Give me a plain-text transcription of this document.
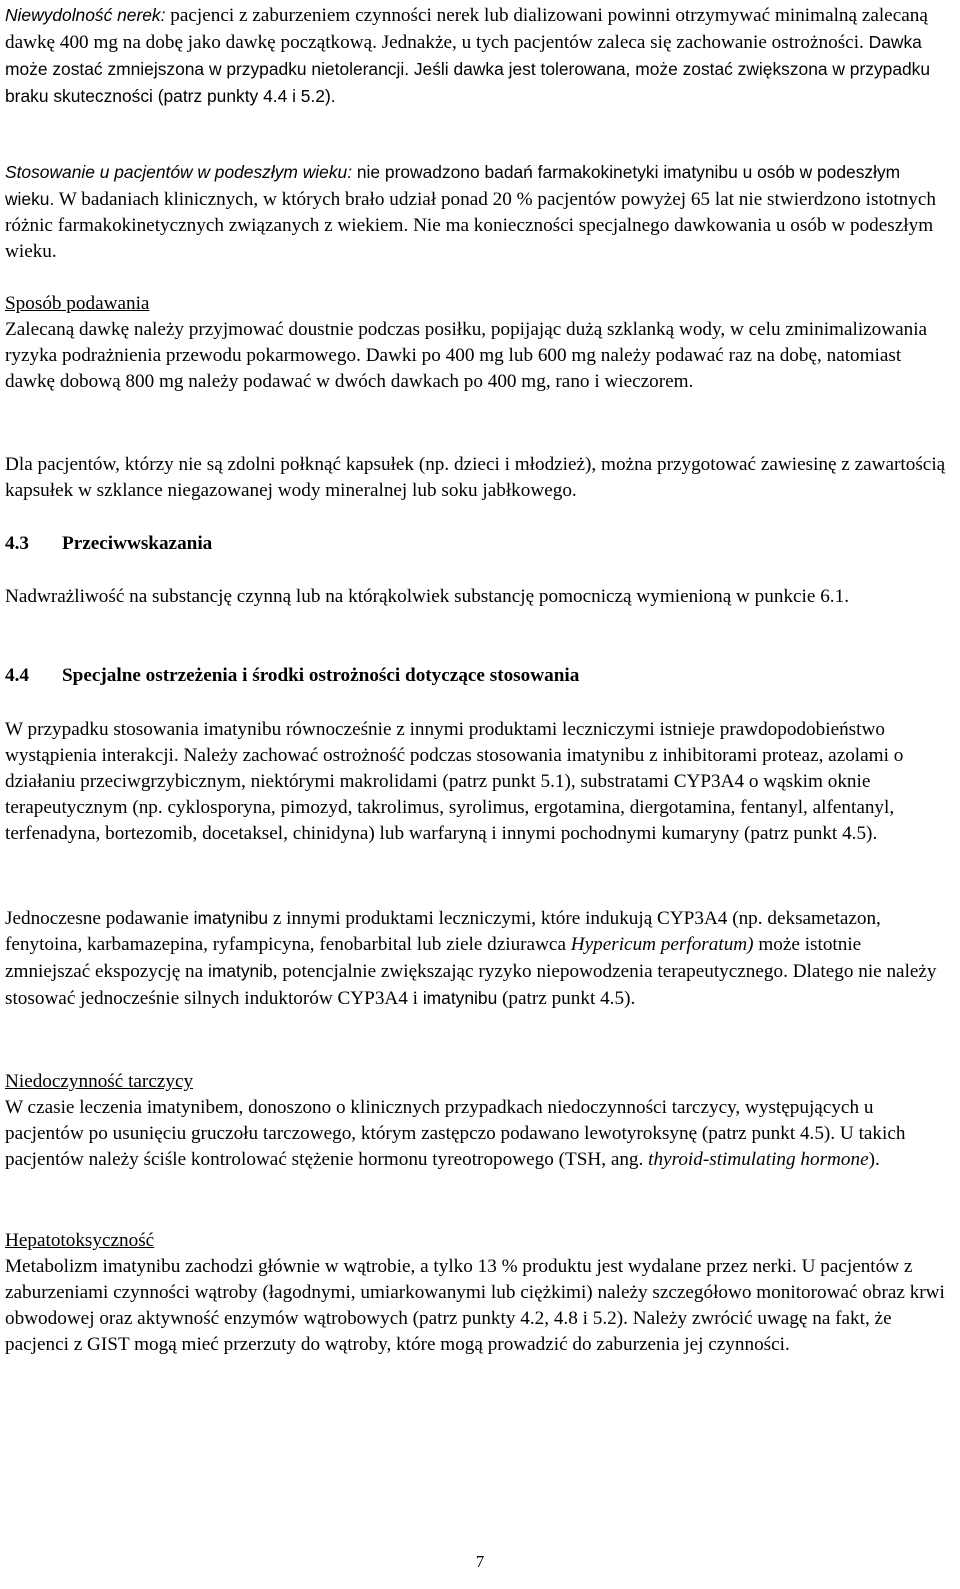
Niewydolność nerek: pacjenci z zaburzeniem czynności nerek lub dializowani powinni otrzymywać minimalną zalecaną dawkę 400 mg na dobę jako dawkę początkową. Jednakże, u tych pacjentów zaleca się zachowanie ostrożności. Dawka może zostać zmniejszona w przypadku nietolerancji. Jeśli dawka jest tolerowana, może zostać zwiększona w przypadku braku skuteczności (patrz punkty 4.4 i 5.2).

Stosowanie u pacjentów w podeszłym wieku: nie prowadzono badań farmakokinetyki imatynibu u osób w podeszłym wieku. W badaniach klinicznych, w których brało udział ponad 20 % pacjentów powyżej 65 lat nie stwierdzono istotnych różnic farmakokinetycznych związanych z wiekiem. Nie ma konieczności specjalnego dawkowania u osób w podeszłym wieku.

Sposób podawania

Zalecaną dawkę należy przyjmować doustnie podczas posiłku, popijając dużą szklanką wody, w celu zminimalizowania ryzyka podrażnienia przewodu pokarmowego. Dawki po 400 mg lub 600 mg należy podawać raz na dobę, natomiast dawkę dobową 800 mg należy podawać w dwóch dawkach po 400 mg, rano i wieczorem.

Dla pacjentów, którzy nie są zdolni połknąć kapsułek (np. dzieci i młodzież), można przygotować zawiesinę z zawartością kapsułek w szklance niegazowanej wody mineralnej lub soku jabłkowego.

4.3 Przeciwwskazania

Nadwrażliwość na substancję czynną lub na którąkolwiek substancję pomocniczą wymienioną w punkcie 6.1.

4.4 Specjalne ostrzeżenia i środki ostrożności dotyczące stosowania

W przypadku stosowania imatynibu równocześnie z innymi produktami leczniczymi istnieje prawdopodobieństwo wystąpienia interakcji. Należy zachować ostrożność podczas stosowania imatynibu z inhibitorami proteaz, azolami o działaniu przeciwgrzybicznym, niektórymi makrolidami (patrz punkt 5.1), substratami CYP3A4 o wąskim oknie terapeutycznym (np. cyklosporyna, pimozyd, takrolimus, syrolimus, ergotamina, diergotamina, fentanyl, alfentanyl, terfenadyna, bortezomib, docetaksel, chinidyna) lub warfaryną i innymi pochodnymi kumaryny (patrz punkt 4.5).

Jednoczesne podawanie imatynibu z innymi produktami leczniczymi, które indukują CYP3A4 (np. deksametazon, fenytoina, karbamazepina, ryfampicyna, fenobarbital lub ziele dziurawca Hypericum perforatum) może istotnie zmniejszać ekspozycję na imatynib, potencjalnie zwiększając ryzyko niepowodzenia terapeutycznego. Dlatego nie należy stosować jednocześnie silnych induktorów CYP3A4 i imatynibu (patrz punkt 4.5).

Niedoczynność tarczycy

W czasie leczenia imatynibem, donoszono o klinicznych przypadkach niedoczynności tarczycy, występujących u pacjentów po usunięciu gruczołu tarczowego, którym zastępczo podawano lewotyroksynę (patrz punkt 4.5). U takich pacjentów należy ściśle kontrolować stężenie hormonu tyreotropowego (TSH, ang. thyroid-stimulating hormone).

Hepatotoksyczność

Metabolizm imatynibu zachodzi głównie w wątrobie, a tylko 13 % produktu jest wydalane przez nerki. U pacjentów z zaburzeniami czynności wątroby (łagodnymi, umiarkowanymi lub ciężkimi) należy szczegółowo monitorować obraz krwi obwodowej oraz aktywność enzymów wątrobowych (patrz punkty 4.2, 4.8 i 5.2). Należy zwrócić uwagę na fakt, że pacjenci z GIST mogą mieć przerzuty do wątroby, które mogą prowadzić do zaburzenia jej czynności.

7
